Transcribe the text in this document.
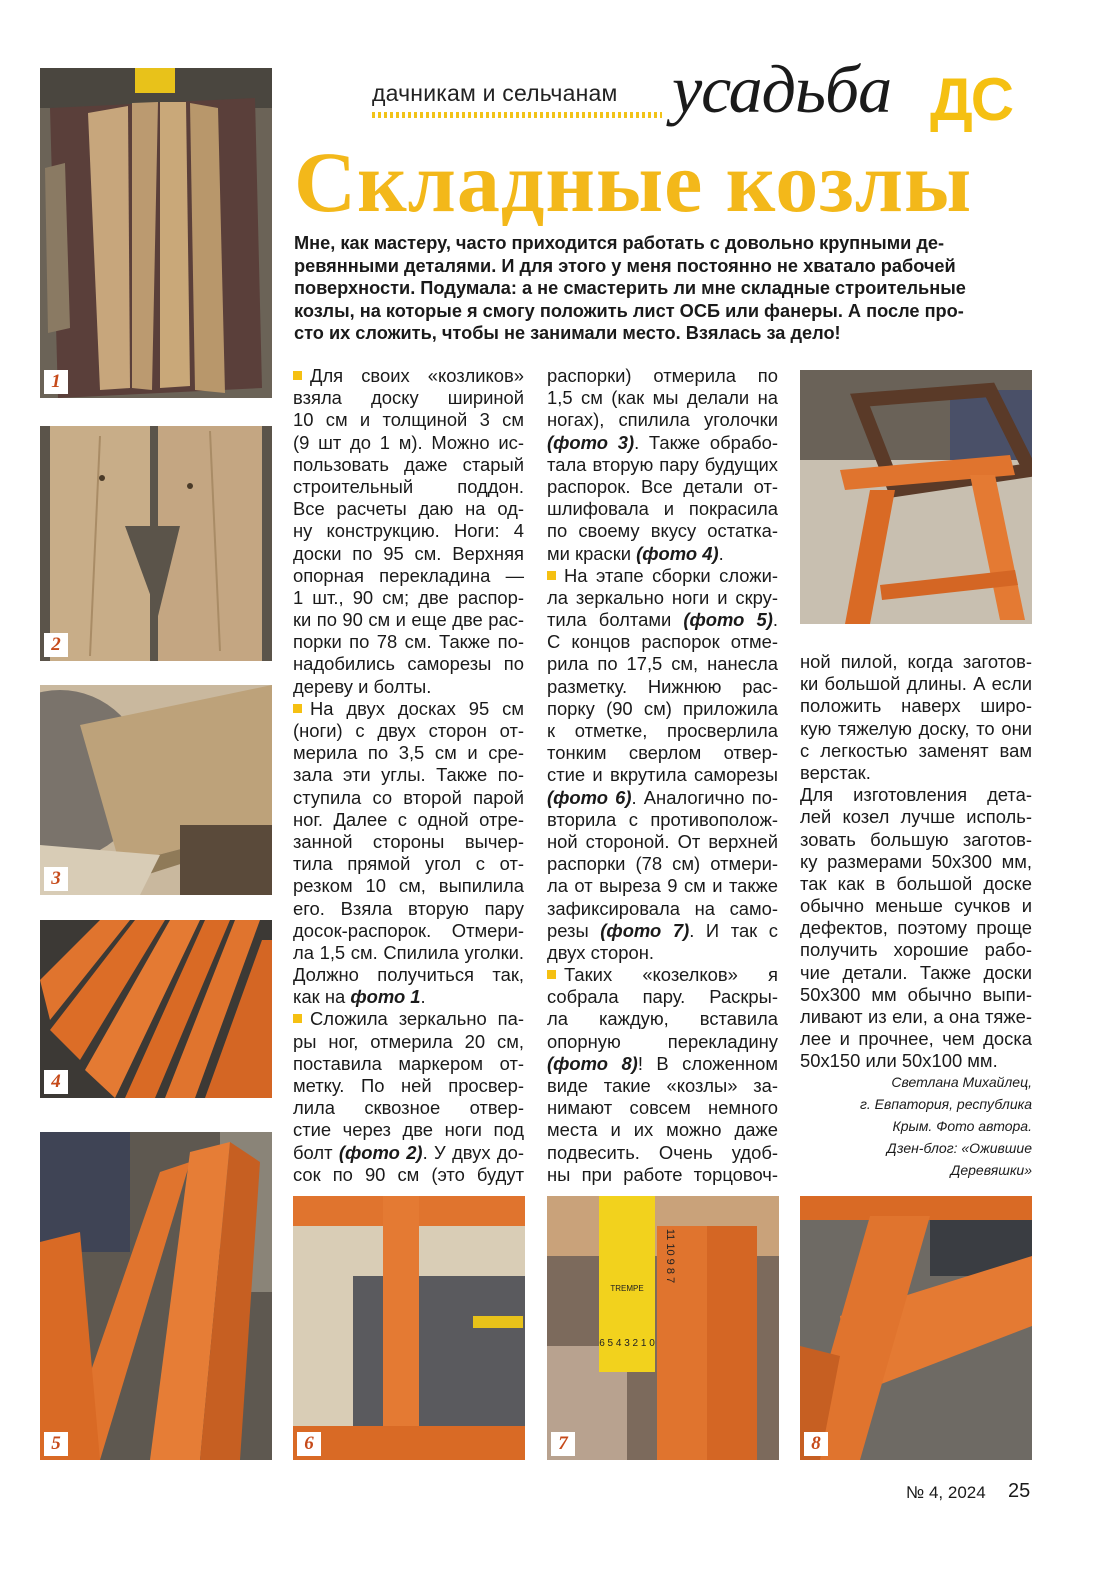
1
2
3
4
5	6
11 10 9 8 7
TREMPE
6 5 4 3 2 1 0
7	8
дачникам и сельчанам усадьба ДС
Складные козлы
Мне, как мастеру, часто приходится работать с довольно крупными де-
ревянными деталями. И для этого у меня постоянно не хватало рабочей
поверхности. Подумала: а не смастерить ли мне складные строительные
козлы, на которые я смогу положить лист ОСБ или фанеры. А после про-
сто их сложить, чтобы не занимали место. Взялась за дело!
Для своих «козликов»
взяла доску шириной
10 см и толщиной 3 см
(9 шт до 1 м). Можно ис-
пользовать даже старый
строительный поддон.
Все расчеты даю на од-
ну конструкцию. Ноги: 4
доски по 95 см. Верхняя
опорная перекладина —
1 шт., 90 см; две распор-
ки по 90 см и еще две рас-
порки по 78 см. Также по-
надобились саморезы по
дереву и болты.
На двух досках 95 см
(ноги) с двух сторон от-
мерила по 3,5 см и сре-
зала эти углы. Также по-
ступила со второй парой
ног. Далее с одной отре-
занной стороны вычер-
тила прямой угол с от-
резком 10 см, выпилила
его. Взяла вторую пару
досок-распорок. Отмери-
ла 1,5 см. Спилила уголки.
Должно получиться так,
как на фото 1.
Сложила зеркально па-
ры ног, отмерила 20 см,
поставила маркером от-
метку. По ней просвер-
лила сквозное отвер-
стие через две ноги под
болт (фото 2). У двух до-
сок по 90 см (это будут
распорки) отмерила по
1,5 см (как мы делали на
ногах), спилила уголочки
(фото 3). Также обрабо-
тала вторую пару будущих
распорок. Все детали от-
шлифовала и покрасила
по своему вкусу остатка-
ми краски (фото 4).
На этапе сборки сложи-
ла зеркально ноги и скру-
тила болтами (фото 5).
С концов распорок отме-
рила по 17,5 см, нанесла
разметку. Нижнюю рас-
порку (90 см) приложила
к отметке, просверлила
тонким сверлом отвер-
стие и вкрутила саморезы
(фото 6). Аналогично по-
вторила с противополож-
ной стороной. От верхней
распорки (78 см) отмери-
ла от выреза 9 см и также
зафиксировала на само-
резы (фото 7). И так с
двух сторон.
Таких «козелков» я
собрала пару. Раскры-
ла каждую, вставила
опорную перекладину
(фото 8)! В сложенном
виде такие «козлы» за-
нимают совсем немного
места и их можно даже
подвесить. Очень удоб-
ны при работе торцовоч-
ной пилой, когда заготов-
ки большой длины. А если
положить наверх широ-
кую тяжелую доску, то они
с легкостью заменят вам
верстак.
Для изготовления дета-
лей козел лучше исполь-
зовать большую заготов-
ку размерами 50х300 мм,
так как в большой доске
обычно меньше сучков и
дефектов, поэтому проще
получить хорошие рабо-
чие детали. Также доски
50х300 мм обычно выпи-
ливают из ели, а она тяже-
лее и прочнее, чем доска
50х150 или 50х100 мм.
Светлана Михайлец,
г. Евпатория, республика
Крым. Фото автора.
Дзен-блог: «Ожившие
Деревяшки»
№ 4, 2024 25
